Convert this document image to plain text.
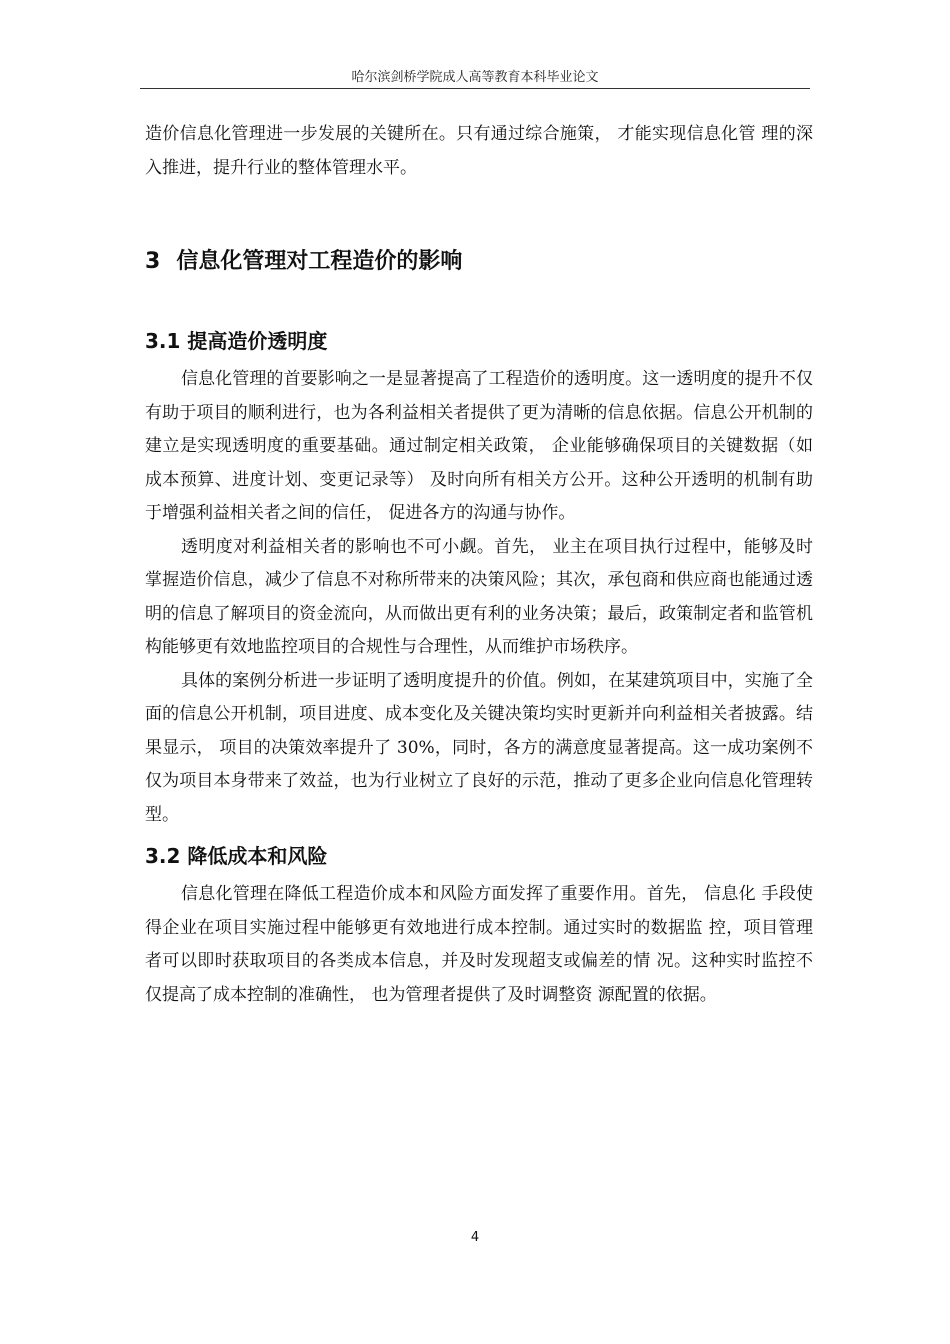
哈尔滨剑桥学院成人高等教育本科毕业论文

造价信息化管理进一步发展的关键所在。只有通过综合施策， 才能实现信息化管 理的深入推进，提升行业的整体管理水平。

3 信息化管理对工程造价的影响
3.1 提高造价透明度

信息化管理的首要影响之一是显著提高了工程造价的透明度。这一透明度的提升不仅有助于项目的顺利进行，也为各利益相关者提供了更为清晰的信息依据。信息公开机制的建立是实现透明度的重要基础。通过制定相关政策， 企业能够确保项目的关键数据（如成本预算、进度计划、变更记录等） 及时向所有相关方公开。这种公开透明的机制有助于增强利益相关者之间的信任， 促进各方的沟通与协作。

透明度对利益相关者的影响也不可小觑。首先， 业主在项目执行过程中，能够及时掌握造价信息，减少了信息不对称所带来的决策风险；其次，承包商和供应商也能通过透明的信息了解项目的资金流向，从而做出更有利的业务决策；最后，政策制定者和监管机构能够更有效地监控项目的合规性与合理性，从而维护市场秩序。

具体的案例分析进一步证明了透明度提升的价值。例如，在某建筑项目中，实施了全面的信息公开机制，项目进度、成本变化及关键决策均实时更新并向利益相关者披露。结果显示， 项目的决策效率提升了 30%，同时，各方的满意度显著提高。这一成功案例不仅为项目本身带来了效益，也为行业树立了良好的示范，推动了更多企业向信息化管理转型。

3.2 降低成本和风险

信息化管理在降低工程造价成本和风险方面发挥了重要作用。首先， 信息化 手段使得企业在项目实施过程中能够更有效地进行成本控制。通过实时的数据监 控，项目管理者可以即时获取项目的各类成本信息，并及时发现超支或偏差的情 况。这种实时监控不仅提高了成本控制的准确性， 也为管理者提供了及时调整资 源配置的依据。

4
